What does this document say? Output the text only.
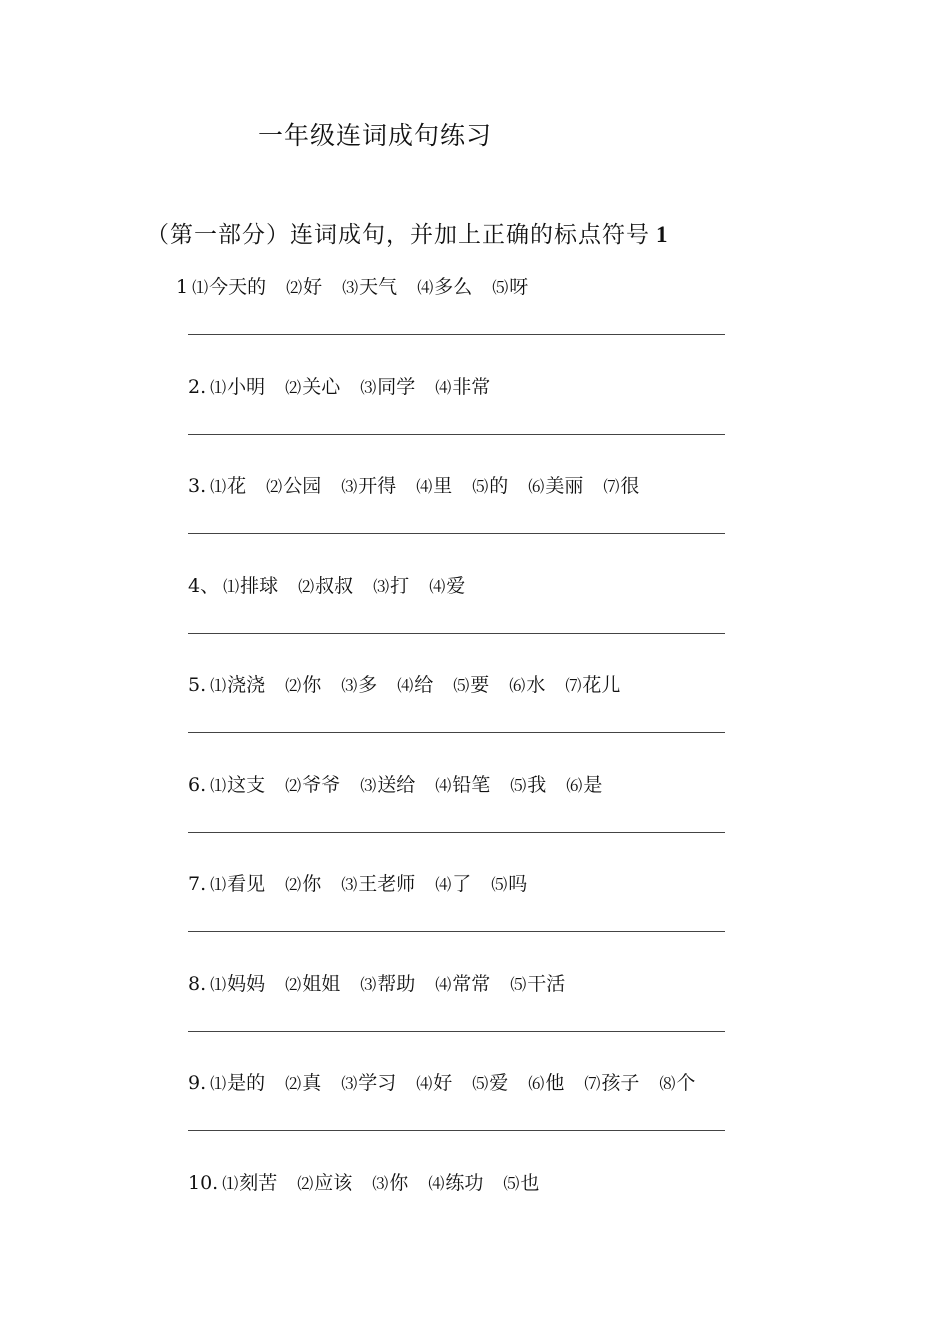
一年级连词成句练习
（第一部分）连词成句，并加上正确的标点符号 1
1 ⑴ 今天的 ⑵ 好 ⑶ 天气 ⑷ 多么 ⑸ 呀
2. ⑴ 小明 ⑵ 关心 ⑶ 同学 ⑷ 非常
3. ⑴ 花 ⑵ 公园 ⑶ 开得 ⑷ 里 ⑸ 的 ⑹ 美丽 ⑺ 很
4、 ⑴ 排球 ⑵ 叔叔 ⑶ 打 ⑷ 爱
5. ⑴ 浇浇 ⑵ 你 ⑶ 多 ⑷ 给 ⑸ 要 ⑹ 水 ⑺ 花儿
6. ⑴ 这支 ⑵ 爷爷 ⑶ 送给 ⑷ 铅笔 ⑸ 我 ⑹ 是
7. ⑴ 看见 ⑵ 你 ⑶ 王老师 ⑷ 了 ⑸ 吗
8. ⑴ 妈妈 ⑵ 姐姐 ⑶ 帮助 ⑷ 常常 ⑸ 干活
9. ⑴ 是的 ⑵ 真 ⑶ 学习 ⑷ 好 ⑸ 爱 ⑹ 他 ⑺ 孩子 ⑻ 个
10. ⑴ 刻苦 ⑵ 应该 ⑶ 你 ⑷ 练功 ⑸ 也
